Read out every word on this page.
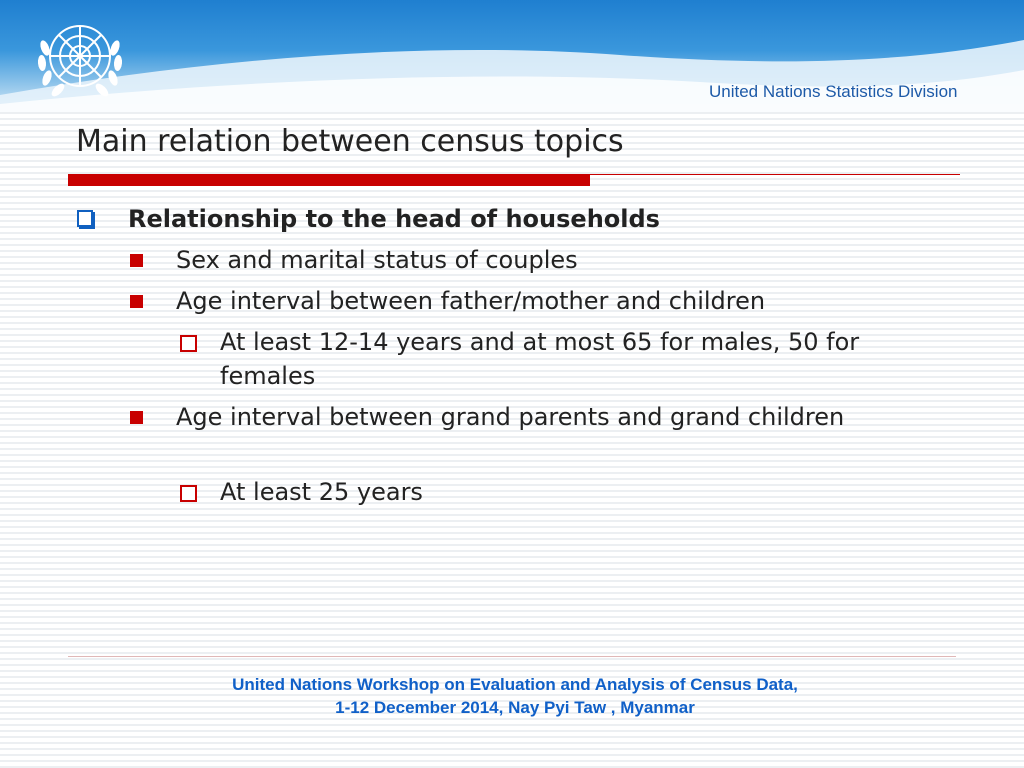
United Nations Statistics Division
Main relation between census topics
Relationship to the head of households
Sex and marital status of couples
Age interval between father/mother and children
At least 12-14 years and at most 65 for males, 50 for females
Age interval between grand parents and grand children
At least 25 years
United Nations Workshop on Evaluation and Analysis of Census Data,
1-12 December 2014, Nay Pyi Taw , Myanmar
